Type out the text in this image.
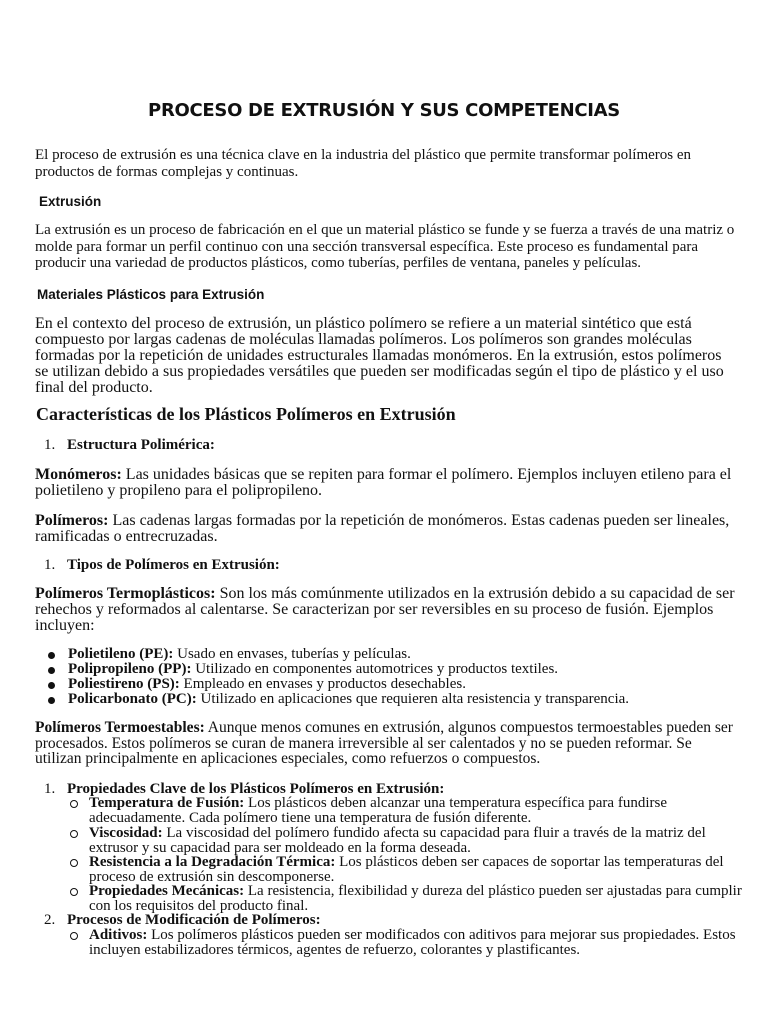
PROCESO DE EXTRUSIÓN Y SUS COMPETENCIAS

El proceso de extrusión es una técnica clave en la industria del plástico que permite transformar polímeros en productos de formas complejas y continuas.

Extrusión

La extrusión es un proceso de fabricación en el que un material plástico se funde y se fuerza a través de una matriz o molde para formar un perfil continuo con una sección transversal específica. Este proceso es fundamental para producir una variedad de productos plásticos, como tuberías, perfiles de ventana, paneles y películas.

Materiales Plásticos para Extrusión

En el contexto del proceso de extrusión, un plástico polímero se refiere a un material sintético que está compuesto por largas cadenas de moléculas llamadas polímeros. Los polímeros son grandes moléculas formadas por la repetición de unidades estructurales llamadas monómeros. En la extrusión, estos polímeros se utilizan debido a sus propiedades versátiles que pueden ser modificadas según el tipo de plástico y el uso final del producto.

Características de los Plásticos Polímeros en Extrusión
1. Estructura Polimérica:

Monómeros: Las unidades básicas que se repiten para formar el polímero. Ejemplos incluyen etileno para el polietileno y propileno para el polipropileno.

Polímeros: Las cadenas largas formadas por la repetición de monómeros. Estas cadenas pueden ser lineales, ramificadas o entrecruzadas.

1. Tipos de Polímeros en Extrusión:

Polímeros Termoplásticos: Son los más comúnmente utilizados en la extrusión debido a su capacidad de ser rehechos y reformados al calentarse. Se caracterizan por ser reversibles en su proceso de fusión. Ejemplos incluyen:

Polietileno (PE): Usado en envases, tuberías y películas.
Polipropileno (PP): Utilizado en componentes automotrices y productos textiles.
Poliestireno (PS): Empleado en envases y productos desechables.
Policarbonato (PC): Utilizado en aplicaciones que requieren alta resistencia y transparencia.

Polímeros Termoestables: Aunque menos comunes en extrusión, algunos compuestos termoestables pueden ser procesados. Estos polímeros se curan de manera irreversible al ser calentados y no se pueden reformar. Se utilizan principalmente en aplicaciones especiales, como refuerzos o compuestos.

1. Propiedades Clave de los Plásticos Polímeros en Extrusión:
Temperatura de Fusión: Los plásticos deben alcanzar una temperatura específica para fundirse adecuadamente. Cada polímero tiene una temperatura de fusión diferente.
Viscosidad: La viscosidad del polímero fundido afecta su capacidad para fluir a través de la matriz del extrusor y su capacidad para ser moldeado en la forma deseada.
Resistencia a la Degradación Térmica: Los plásticos deben ser capaces de soportar las temperaturas del proceso de extrusión sin descomponerse.
Propiedades Mecánicas: La resistencia, flexibilidad y dureza del plástico pueden ser ajustadas para cumplir con los requisitos del producto final.
2. Procesos de Modificación de Polímeros:
Aditivos: Los polímeros plásticos pueden ser modificados con aditivos para mejorar sus propiedades. Estos incluyen estabilizadores térmicos, agentes de refuerzo, colorantes y plastificantes.
